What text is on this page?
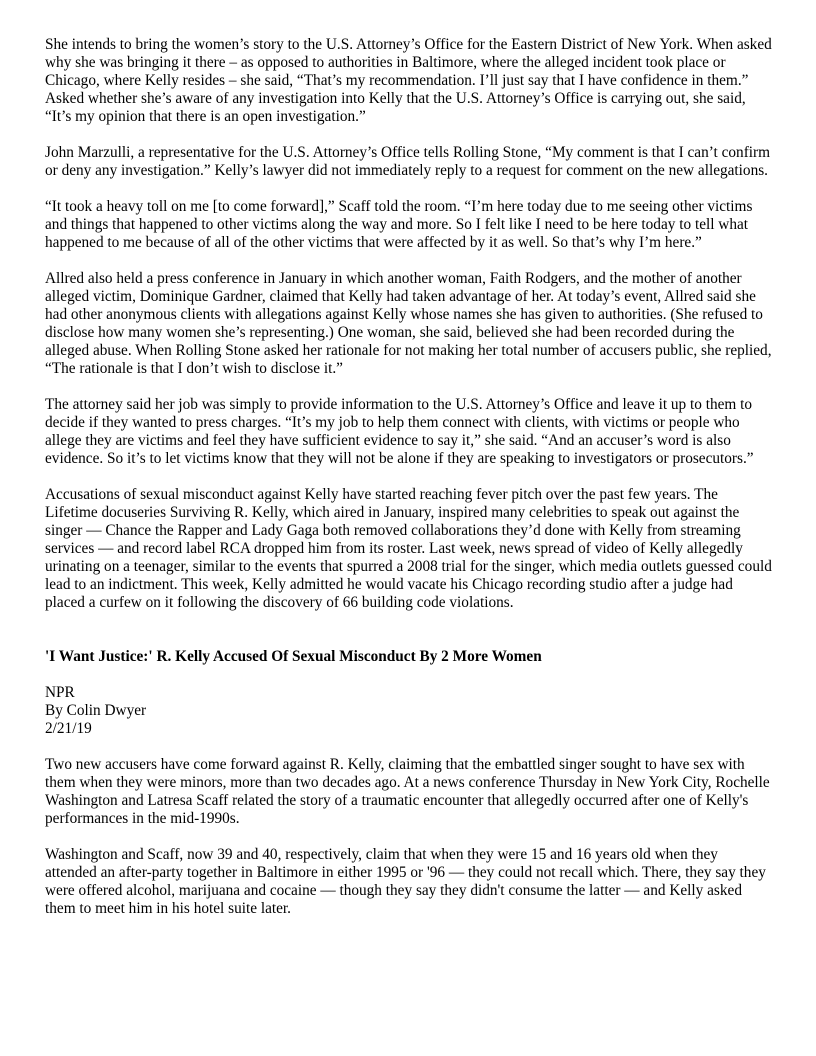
She intends to bring the women’s story to the U.S. Attorney’s Office for the Eastern District of New York. When asked why she was bringing it there – as opposed to authorities in Baltimore, where the alleged incident took place or Chicago, where Kelly resides – she said, “That’s my recommendation. I’ll just say that I have confidence in them.” Asked whether she’s aware of any investigation into Kelly that the U.S. Attorney’s Office is carrying out, she said, “It’s my opinion that there is an open investigation.”

John Marzulli, a representative for the U.S. Attorney’s Office tells Rolling Stone, “My comment is that I can’t confirm or deny any investigation.” Kelly’s lawyer did not immediately reply to a request for comment on the new allegations.

“It took a heavy toll on me [to come forward],” Scaff told the room. “I’m here today due to me seeing other victims and things that happened to other victims along the way and more. So I felt like I need to be here today to tell what happened to me because of all of the other victims that were affected by it as well. So that’s why I’m here.”

Allred also held a press conference in January in which another woman, Faith Rodgers, and the mother of another alleged victim, Dominique Gardner, claimed that Kelly had taken advantage of her. At today’s event, Allred said she had other anonymous clients with allegations against Kelly whose names she has given to authorities. (She refused to disclose how many women she’s representing.) One woman, she said, believed she had been recorded during the alleged abuse. When Rolling Stone asked her rationale for not making her total number of accusers public, she replied, “The rationale is that I don’t wish to disclose it.”

The attorney said her job was simply to provide information to the U.S. Attorney’s Office and leave it up to them to decide if they wanted to press charges. “It’s my job to help them connect with clients, with victims or people who allege they are victims and feel they have sufficient evidence to say it,” she said. “And an accuser’s word is also evidence. So it’s to let victims know that they will not be alone if they are speaking to investigators or prosecutors.”

Accusations of sexual misconduct against Kelly have started reaching fever pitch over the past few years. The Lifetime docuseries Surviving R. Kelly, which aired in January, inspired many celebrities to speak out against the singer — Chance the Rapper and Lady Gaga both removed collaborations they’d done with Kelly from streaming services — and record label RCA dropped him from its roster. Last week, news spread of video of Kelly allegedly urinating on a teenager, similar to the events that spurred a 2008 trial for the singer, which media outlets guessed could lead to an indictment. This week, Kelly admitted he would vacate his Chicago recording studio after a judge had placed a curfew on it following the discovery of 66 building code violations.

'I Want Justice:' R. Kelly Accused Of Sexual Misconduct By 2 More Women
NPR
By Colin Dwyer
2/21/19

Two new accusers have come forward against R. Kelly, claiming that the embattled singer sought to have sex with them when they were minors, more than two decades ago. At a news conference Thursday in New York City, Rochelle Washington and Latresa Scaff related the story of a traumatic encounter that allegedly occurred after one of Kelly's performances in the mid-1990s.

Washington and Scaff, now 39 and 40, respectively, claim that when they were 15 and 16 years old when they attended an after-party together in Baltimore in either 1995 or '96 — they could not recall which. There, they say they were offered alcohol, marijuana and cocaine — though they say they didn't consume the latter — and Kelly asked them to meet him in his hotel suite later.
